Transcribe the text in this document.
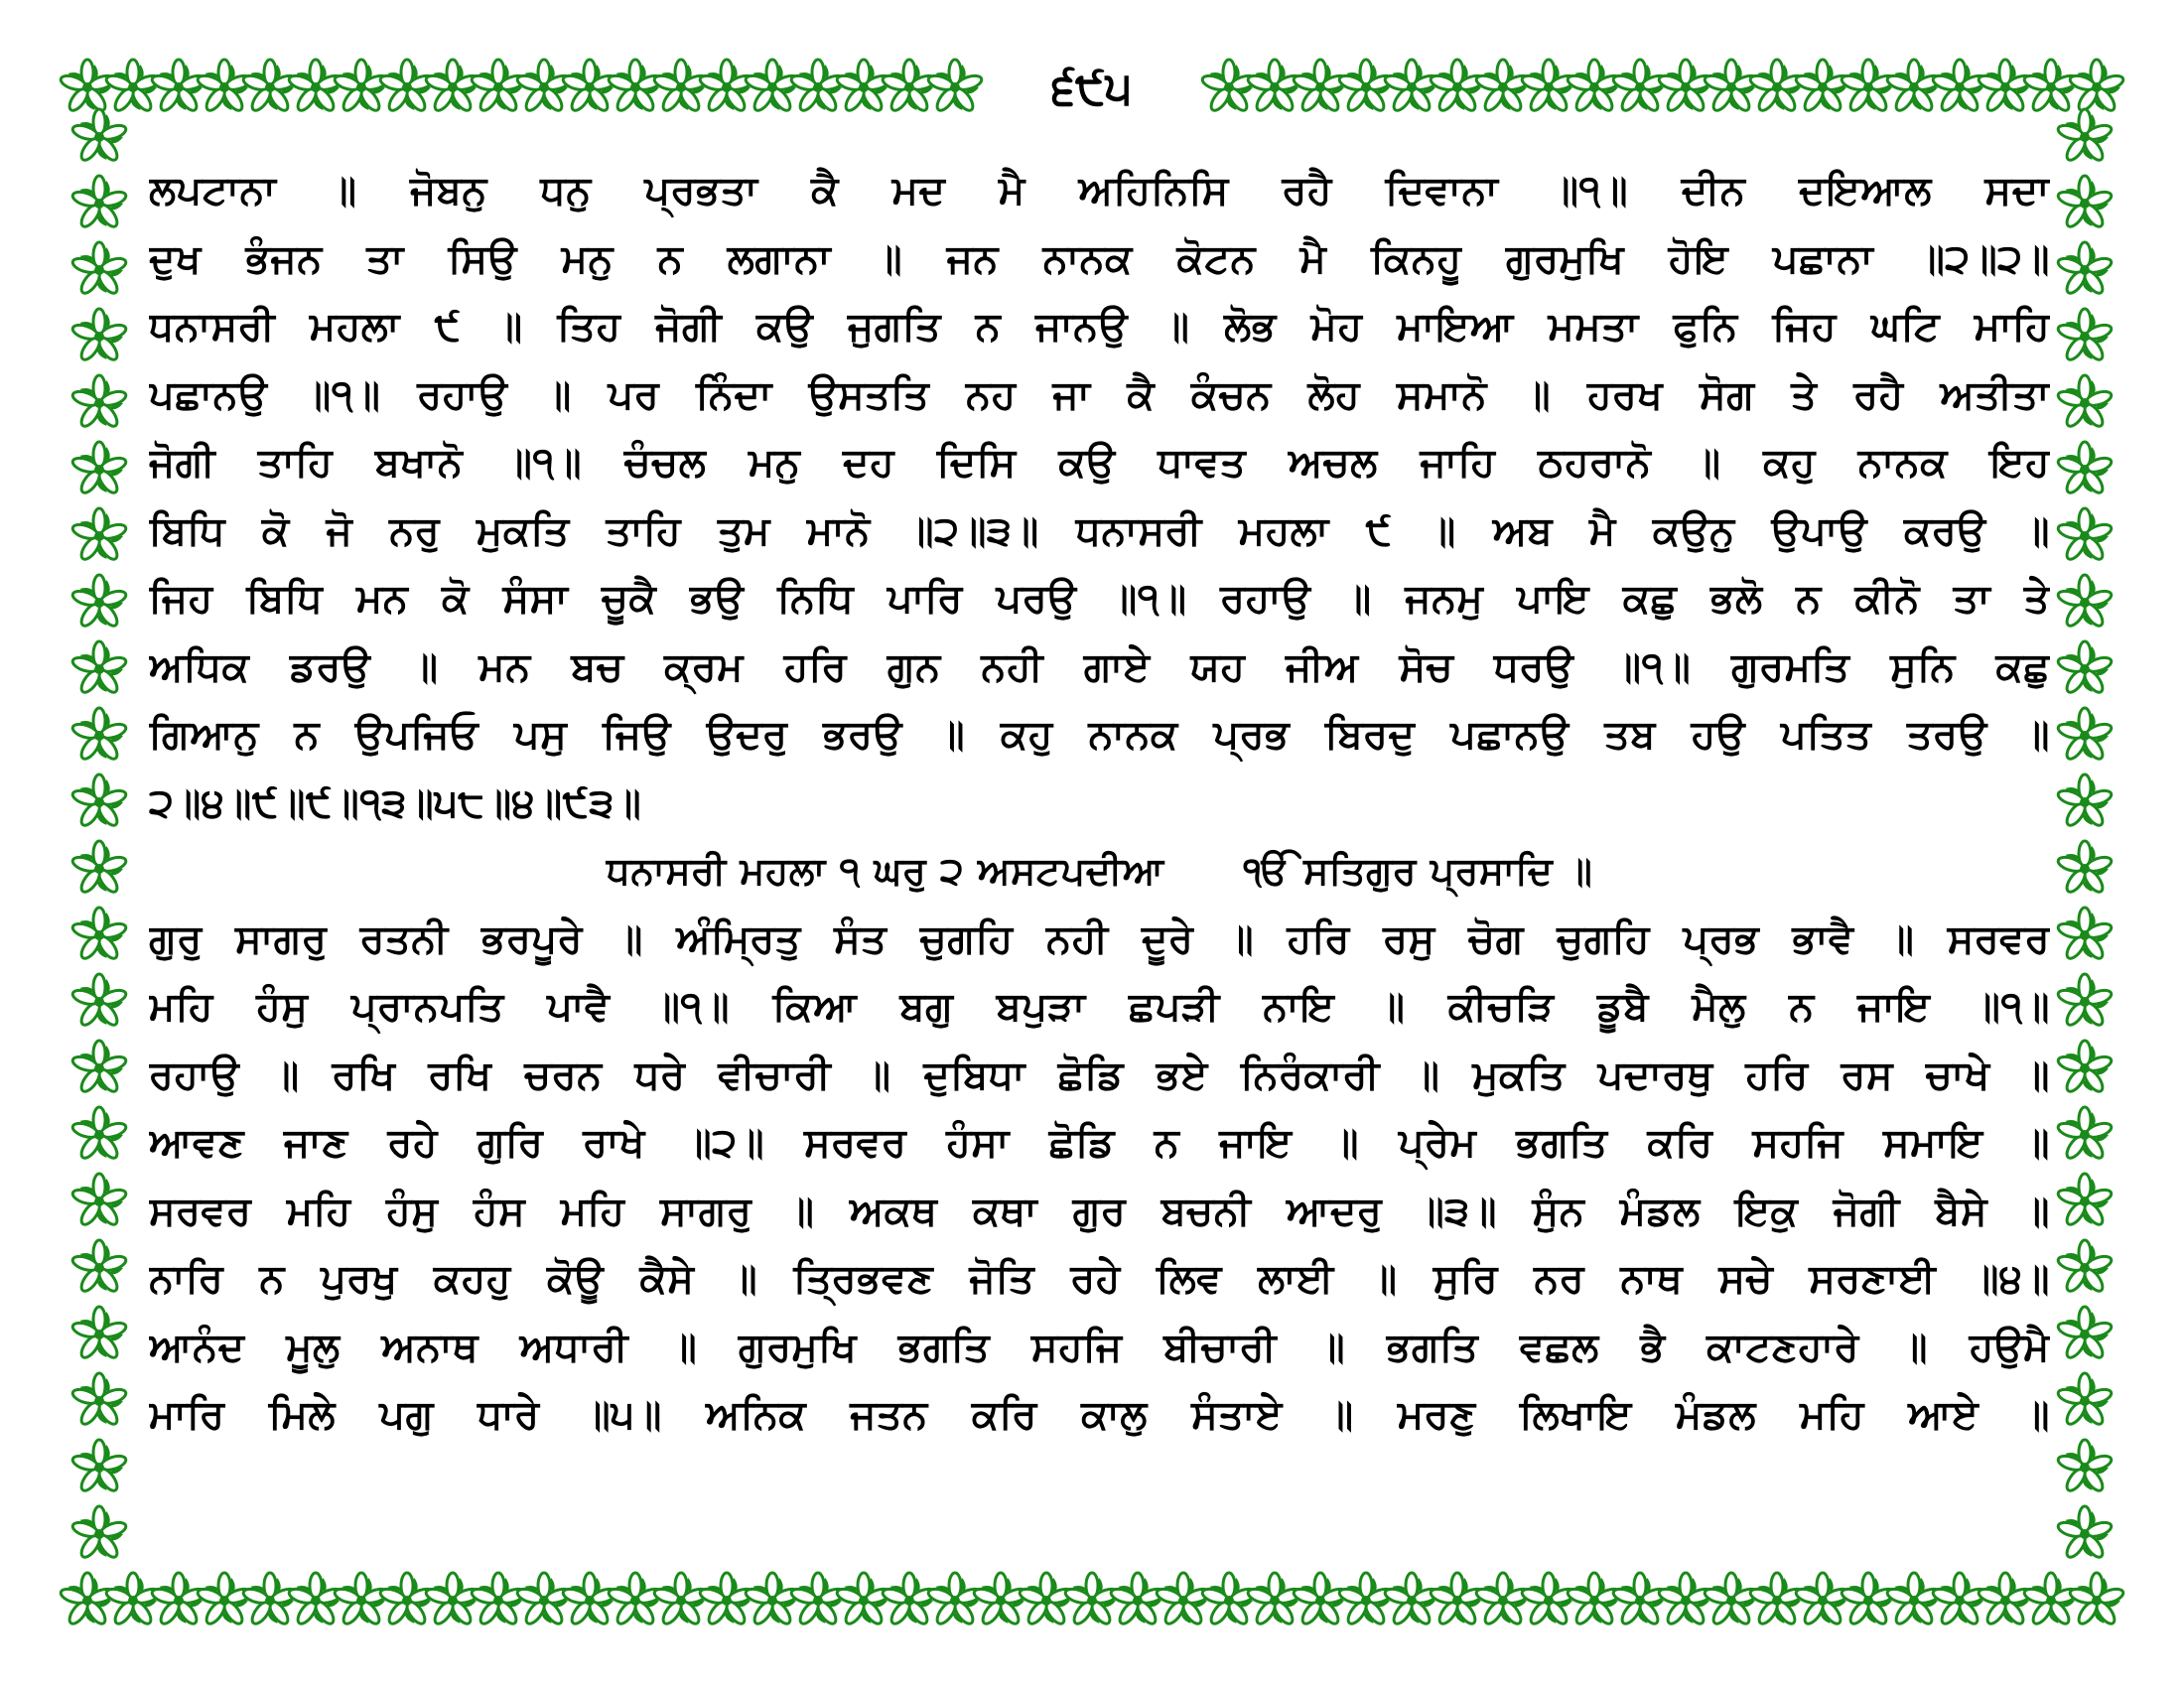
੬੯੫
ਲਪਟਾਨਾ ॥ ਜੋਬਨੁ ਧਨੁ ਪ੍ਰਭਤਾ ਕੈ ਮਦ ਮੈ ਅਹਿਨਿਸਿ ਰਹੈ ਦਿਵਾਨਾ ॥੧॥ ਦੀਨ ਦਇਆਲ ਸਦਾ
ਦੁਖ ਭੰਜਨ ਤਾ ਸਿਉ ਮਨੁ ਨ ਲਗਾਨਾ ॥ ਜਨ ਨਾਨਕ ਕੋਟਨ ਮੈ ਕਿਨਹੂ ਗੁਰਮੁਖਿ ਹੋਇ ਪਛਾਨਾ ॥੨॥੨॥
ਧਨਾਸਰੀ ਮਹਲਾ ੯ ॥ ਤਿਹ ਜੋਗੀ ਕਉ ਜੁਗਤਿ ਨ ਜਾਨਉ ॥ ਲੋਭ ਮੋਹ ਮਾਇਆ ਮਮਤਾ ਫੁਨਿ ਜਿਹ ਘਟਿ ਮਾਹਿ
ਪਛਾਨਉ ॥੧॥ ਰਹਾਉ ॥ ਪਰ ਨਿੰਦਾ ਉਸਤਤਿ ਨਹ ਜਾ ਕੈ ਕੰਚਨ ਲੋਹ ਸਮਾਨੋ ॥ ਹਰਖ ਸੋਗ ਤੇ ਰਹੈ ਅਤੀਤਾ
ਜੋਗੀ ਤਾਹਿ ਬਖਾਨੋ ॥੧॥ ਚੰਚਲ ਮਨੁ ਦਹ ਦਿਸਿ ਕਉ ਧਾਵਤ ਅਚਲ ਜਾਹਿ ਠਹਰਾਨੋ ॥ ਕਹੁ ਨਾਨਕ ਇਹ
ਬਿਧਿ ਕੋ ਜੋ ਨਰੁ ਮੁਕਤਿ ਤਾਹਿ ਤੁਮ ਮਾਨੋ ॥੨॥੩॥ ਧਨਾਸਰੀ ਮਹਲਾ ੯ ॥ ਅਬ ਮੈ ਕਉਨੁ ਉਪਾਉ ਕਰਉ ॥
ਜਿਹ ਬਿਧਿ ਮਨ ਕੋ ਸੰਸਾ ਚੂਕੈ ਭਉ ਨਿਧਿ ਪਾਰਿ ਪਰਉ ॥੧॥ ਰਹਾਉ ॥ ਜਨਮੁ ਪਾਇ ਕਛੁ ਭਲੋ ਨ ਕੀਨੋ ਤਾ ਤੇ
ਅਧਿਕ ਡਰਉ ॥ ਮਨ ਬਚ ਕ੍ਰਮ ਹਰਿ ਗੁਨ ਨਹੀ ਗਾਏ ਯਹ ਜੀਅ ਸੋਚ ਧਰਉ ॥੧॥ ਗੁਰਮਤਿ ਸੁਨਿ ਕਛੁ
ਗਿਆਨੁ ਨ ਉਪਜਿਓ ਪਸੁ ਜਿਉ ਉਦਰੁ ਭਰਉ ॥ ਕਹੁ ਨਾਨਕ ਪ੍ਰਭ ਬਿਰਦੁ ਪਛਾਨਉ ਤਬ ਹਉ ਪਤਿਤ ਤਰਉ ॥
੨॥੪॥੯॥੯॥੧੩॥੫੮॥੪॥੯੩॥
ਧਨਾਸਰੀ ਮਹਲਾ ੧ ਘਰੁ ੨ ਅਸਟਪਦੀਆ ੴ ਸਤਿਗੁਰ ਪ੍ਰਸਾਦਿ ॥
ਗੁਰੁ ਸਾਗਰੁ ਰਤਨੀ ਭਰਪੂਰੇ ॥ ਅੰਮ੍ਰਿਤੁ ਸੰਤ ਚੁਗਹਿ ਨਹੀ ਦੂਰੇ ॥ ਹਰਿ ਰਸੁ ਚੋਗ ਚੁਗਹਿ ਪ੍ਰਭ ਭਾਵੈ ॥ ਸਰਵਰ
ਮਹਿ ਹੰਸੁ ਪ੍ਰਾਨਪਤਿ ਪਾਵੈ ॥੧॥ ਕਿਆ ਬਗੁ ਬਪੁੜਾ ਛਪੜੀ ਨਾਇ ॥ ਕੀਚੜਿ ਡੂਬੈ ਮੈਲੁ ਨ ਜਾਇ ॥੧॥
ਰਹਾਉ ॥ ਰਖਿ ਰਖਿ ਚਰਨ ਧਰੇ ਵੀਚਾਰੀ ॥ ਦੁਬਿਧਾ ਛੋਡਿ ਭਏ ਨਿਰੰਕਾਰੀ ॥ ਮੁਕਤਿ ਪਦਾਰਥੁ ਹਰਿ ਰਸ ਚਾਖੇ ॥
ਆਵਣ ਜਾਣ ਰਹੇ ਗੁਰਿ ਰਾਖੇ ॥੨॥ ਸਰਵਰ ਹੰਸਾ ਛੋਡਿ ਨ ਜਾਇ ॥ ਪ੍ਰੇਮ ਭਗਤਿ ਕਰਿ ਸਹਜਿ ਸਮਾਇ ॥
ਸਰਵਰ ਮਹਿ ਹੰਸੁ ਹੰਸ ਮਹਿ ਸਾਗਰੁ ॥ ਅਕਥ ਕਥਾ ਗੁਰ ਬਚਨੀ ਆਦਰੁ ॥੩॥ ਸੁੰਨ ਮੰਡਲ ਇਕੁ ਜੋਗੀ ਬੈਸੇ ॥
ਨਾਰਿ ਨ ਪੁਰਖੁ ਕਹਹੁ ਕੋਊ ਕੈਸੇ ॥ ਤ੍ਰਿਭਵਣ ਜੋਤਿ ਰਹੇ ਲਿਵ ਲਾਈ ॥ ਸੁਰਿ ਨਰ ਨਾਥ ਸਚੇ ਸਰਣਾਈ ॥੪॥
ਆਨੰਦ ਮੂਲੁ ਅਨਾਥ ਅਧਾਰੀ ॥ ਗੁਰਮੁਖਿ ਭਗਤਿ ਸਹਜਿ ਬੀਚਾਰੀ ॥ ਭਗਤਿ ਵਛਲ ਭੈ ਕਾਟਣਹਾਰੇ ॥ ਹਉਮੈ
ਮਾਰਿ ਮਿਲੇ ਪਗੁ ਧਾਰੇ ॥੫॥ ਅਨਿਕ ਜਤਨ ਕਰਿ ਕਾਲੁ ਸੰਤਾਏ ॥ ਮਰਣੁ ਲਿਖਾਇ ਮੰਡਲ ਮਹਿ ਆਏ ॥
